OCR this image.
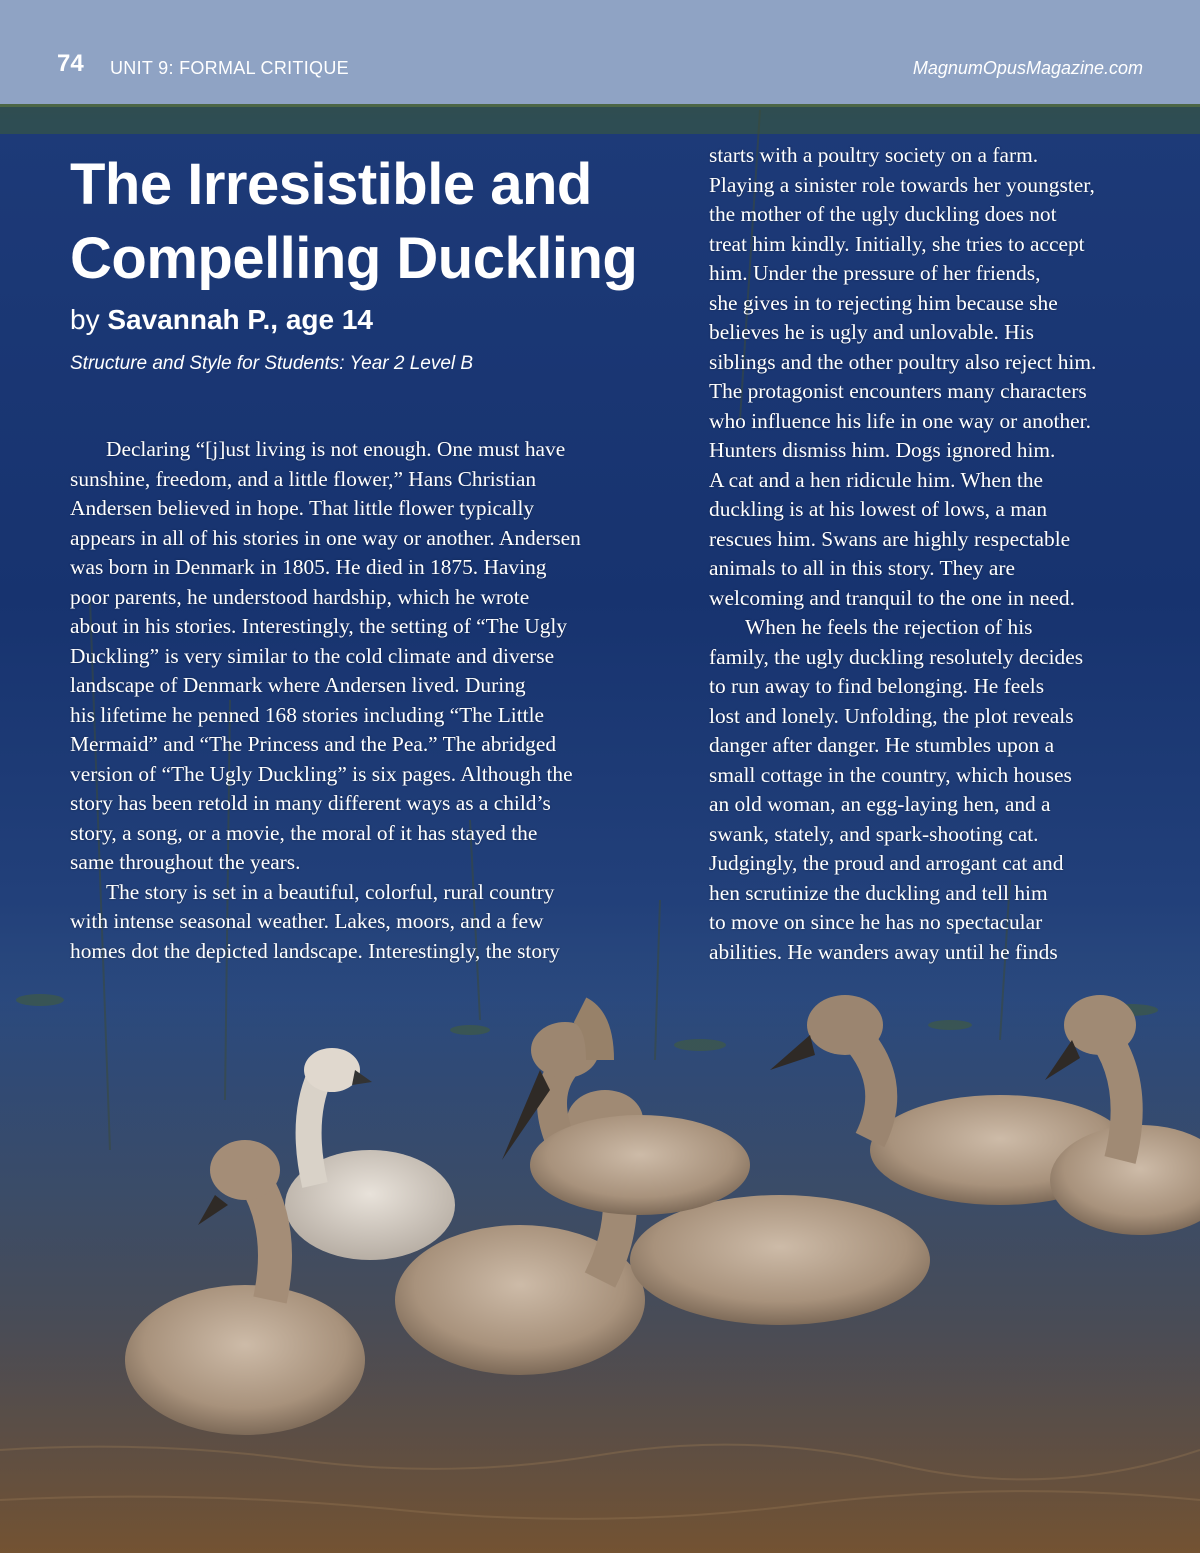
74 UNIT 9: FORMAL CRITIQUE	MagnumOpusMagazine.com
The Irresistible and
Compelling Duckling
by Savannah P., age 14
Structure and Style for Students: Year 2 Level B
Declaring “[j]ust living is not enough. One must have
sunshine, freedom, and a little flower,” Hans Christian
Andersen believed in hope. That little flower typically
appears in all of his stories in one way or another. Andersen
was born in Denmark in 1805. He died in 1875. Having
poor parents, he understood hardship, which he wrote
about in his stories. Interestingly, the setting of “The Ugly
Duckling” is very similar to the cold climate and diverse
landscape of Denmark where Andersen lived. During
his lifetime he penned 168 stories including “The Little
Mermaid” and “The Princess and the Pea.” The abridged
version of “The Ugly Duckling” is six pages. Although the
story has been retold in many different ways as a child’s
story, a song, or a movie, the moral of it has stayed the
same throughout the years.
The story is set in a beautiful, colorful, rural country
with intense seasonal weather. Lakes, moors, and a few
homes dot the depicted landscape. Interestingly, the story
starts with a poultry society on a farm.
Playing a sinister role towards her youngster,
the mother of the ugly duckling does not
treat him kindly. Initially, she tries to accept
him. Under the pressure of her friends,
she gives in to rejecting him because she
believes he is ugly and unlovable. His
siblings and the other poultry also reject him.
The protagonist encounters many characters
who influence his life in one way or another.
Hunters dismiss him. Dogs ignored him.
A cat and a hen ridicule him. When the
duckling is at his lowest of lows, a man
rescues him. Swans are highly respectable
animals to all in this story. They are
welcoming and tranquil to the one in need.
When he feels the rejection of his
family, the ugly duckling resolutely decides
to run away to find belonging. He feels
lost and lonely. Unfolding, the plot reveals
danger after danger. He stumbles upon a
small cottage in the country, which houses
an old woman, an egg-laying hen, and a
swank, stately, and spark-shooting cat.
Judgingly, the proud and arrogant cat and
hen scrutinize the duckling and tell him
to move on since he has no spectacular
abilities. He wanders away until he finds
